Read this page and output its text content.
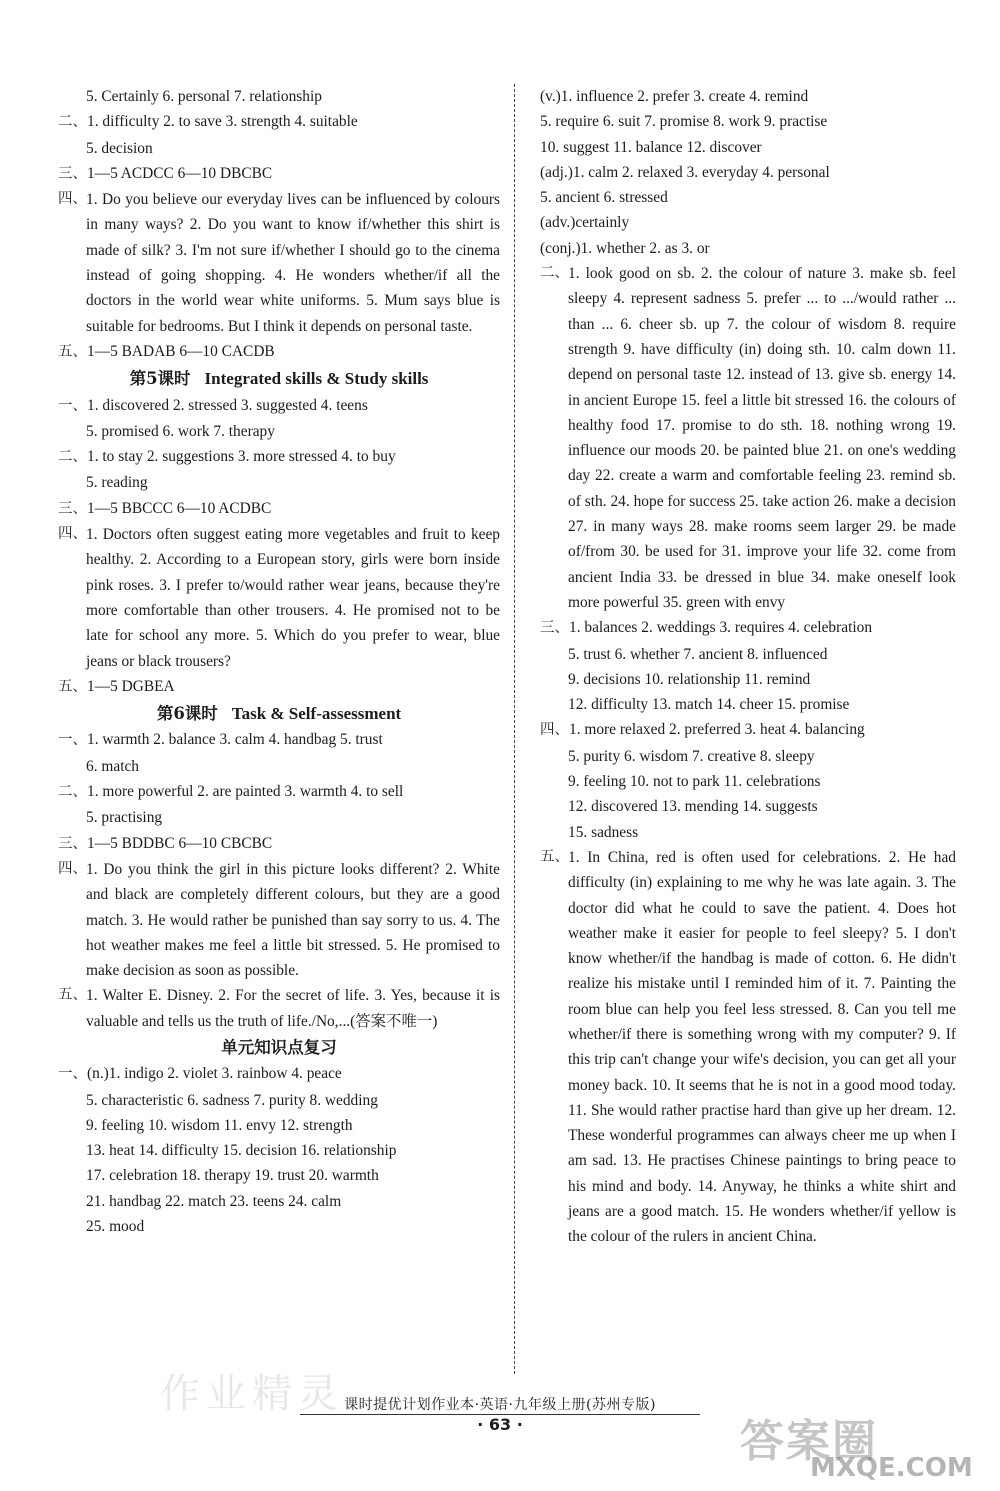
5. Certainly 6. personal 7. relationship
二、1. difficulty 2. to save 3. strength 4. suitable
5. decision
三、1—5 ACDCC 6—10 DBCBC
四、 1. Do you believe our everyday lives can be influenced by colours in many ways? 2. Do you want to know if/whether this shirt is made of silk? 3. I'm not sure if/whether I should go to the cinema instead of going shopping. 4. He wonders whether/if all the doctors in the world wear white uniforms. 5. Mum says blue is suitable for bedrooms. But I think it depends on personal taste.
五、1—5 BADAB 6—10 CACDB
第5课时 Integrated skills & Study skills
一、1. discovered 2. stressed 3. suggested 4. teens
5. promised 6. work 7. therapy
二、1. to stay 2. suggestions 3. more stressed 4. to buy
5. reading
三、1—5 BBCCC 6—10 ACDBC
四、 1. Doctors often suggest eating more vegetables and fruit to keep healthy. 2. According to a European story, girls were born inside pink roses. 3. I prefer to/would rather wear jeans, because they're more comfortable than other trousers. 4. He promised not to be late for school any more. 5. Which do you prefer to wear, blue jeans or black trousers?
五、1—5 DGBEA
第6课时 Task & Self-assessment
一、1. warmth 2. balance 3. calm 4. handbag 5. trust
6. match
二、1. more powerful 2. are painted 3. warmth 4. to sell
5. practising
三、1—5 BDDBC 6—10 CBCBC
四、 1. Do you think the girl in this picture looks different? 2. White and black are completely different colours, but they are a good match. 3. He would rather be punished than say sorry to us. 4. The hot weather makes me feel a little bit stressed. 5. He promised to make decision as soon as possible.
五、 1. Walter E. Disney. 2. For the secret of life. 3. Yes, because it is valuable and tells us the truth of life./No,...(答案不唯一)
单元知识点复习
一、(n.)1. indigo 2. violet 3. rainbow 4. peace
5. characteristic 6. sadness 7. purity 8. wedding
9. feeling 10. wisdom 11. envy 12. strength
13. heat 14. difficulty 15. decision 16. relationship
17. celebration 18. therapy 19. trust 20. warmth
21. handbag 22. match 23. teens 24. calm
25. mood
(v.)1. influence 2. prefer 3. create 4. remind
5. require 6. suit 7. promise 8. work 9. practise
10. suggest 11. balance 12. discover
(adj.)1. calm 2. relaxed 3. everyday 4. personal
5. ancient 6. stressed
(adv.)certainly
(conj.)1. whether 2. as 3. or
二、 1. look good on sb. 2. the colour of nature 3. make sb. feel sleepy 4. represent sadness 5. prefer ... to .../would rather ... than ... 6. cheer sb. up 7. the colour of wisdom 8. require strength 9. have difficulty (in) doing sth. 10. calm down 11. depend on personal taste 12. instead of 13. give sb. energy 14. in ancient Europe 15. feel a little bit stressed 16. the colours of healthy food 17. promise to do sth. 18. nothing wrong 19. influence our moods 20. be painted blue 21. on one's wedding day 22. create a warm and comfortable feeling 23. remind sb. of sth. 24. hope for success 25. take action 26. make a decision 27. in many ways 28. make rooms seem larger 29. be made of/from 30. be used for 31. improve your life 32. come from ancient India 33. be dressed in blue 34. make oneself look more powerful 35. green with envy
三、1. balances 2. weddings 3. requires 4. celebration
5. trust 6. whether 7. ancient 8. influenced
9. decisions 10. relationship 11. remind
12. difficulty 13. match 14. cheer 15. promise
四、1. more relaxed 2. preferred 3. heat 4. balancing
5. purity 6. wisdom 7. creative 8. sleepy
9. feeling 10. not to park 11. celebrations
12. discovered 13. mending 14. suggests
15. sadness
五、 1. In China, red is often used for celebrations. 2. He had difficulty (in) explaining to me why he was late again. 3. The doctor did what he could to save the patient. 4. Does hot weather make it easier for people to feel sleepy? 5. I don't know whether/if the handbag is made of cotton. 6. He didn't realize his mistake until I reminded him of it. 7. Painting the room blue can help you feel less stressed. 8. Can you tell me whether/if there is something wrong with my computer? 9. If this trip can't change your wife's decision, you can get all your money back. 10. It seems that he is not in a good mood today. 11. She would rather practise hard than give up her dream. 12. These wonderful programmes can always cheer me up when I am sad. 13. He practises Chinese paintings to bring peace to his mind and body. 14. Anyway, he thinks a white shirt and jeans are a good match. 15. He wonders whether/if yellow is the colour of the rulers in ancient China.
课时提优计划作业本·英语·九年级上册(苏州专版)
· 63 ·
作业精灵
答案圈
MXQE.COM
